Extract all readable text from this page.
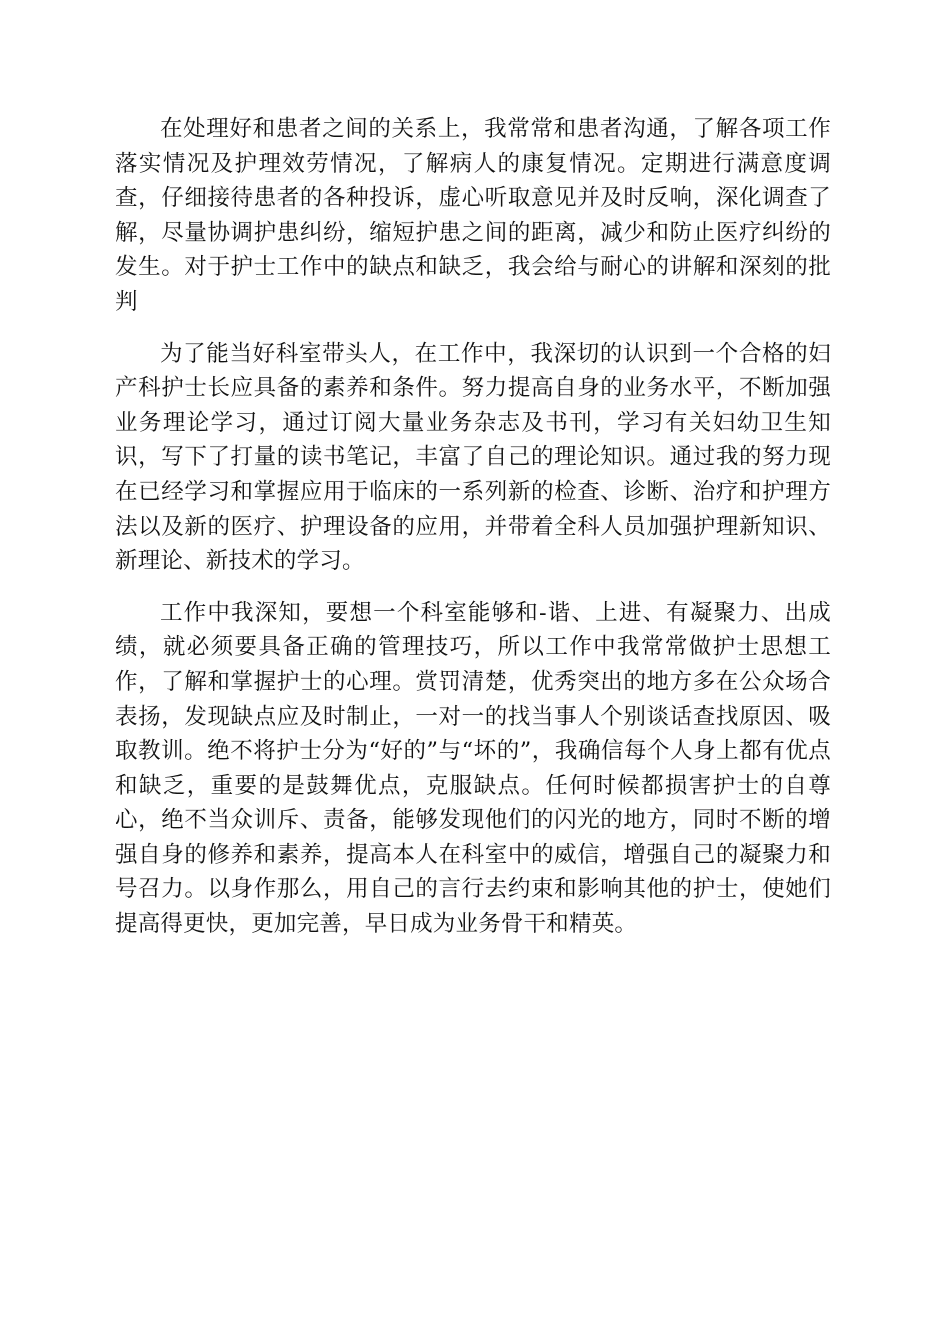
在处理好和患者之间的关系上，我常常和患者沟通，了解各项工作落实情况及护理效劳情况，了解病人的康复情况。定期进行满意度调查，仔细接待患者的各种投诉，虚心听取意见并及时反响，深化调查了解，尽量协调护患纠纷，缩短护患之间的距离，减少和防止医疗纠纷的发生。对于护士工作中的缺点和缺乏，我会给与耐心的讲解和深刻的批判

为了能当好科室带头人，在工作中，我深切的认识到一个合格的妇产科护士长应具备的素养和条件。努力提高自身的业务水平，不断加强业务理论学习，通过订阅大量业务杂志及书刊，学习有关妇幼卫生知识，写下了打量的读书笔记，丰富了自己的理论知识。通过我的努力现在已经学习和掌握应用于临床的一系列新的检查、诊断、治疗和护理方法以及新的医疗、护理设备的应用，并带着全科人员加强护理新知识、新理论、新技术的学习。

工作中我深知，要想一个科室能够和-谐、上进、有凝聚力、出成绩，就必须要具备正确的管理技巧，所以工作中我常常做护士思想工作，了解和掌握护士的心理。赏罚清楚，优秀突出的地方多在公众场合表扬，发现缺点应及时制止，一对一的找当事人个别谈话查找原因、吸取教训。绝不将护士分为“好的”与“坏的”，我确信每个人身上都有优点和缺乏，重要的是鼓舞优点，克服缺点。任何时候都损害护士的自尊心，绝不当众训斥、责备，能够发现他们的闪光的地方，同时不断的增强自身的修养和素养，提高本人在科室中的威信，增强自己的凝聚力和号召力。以身作那么，用自己的言行去约束和影响其他的护士，使她们提高得更快，更加完善，早日成为业务骨干和精英。
